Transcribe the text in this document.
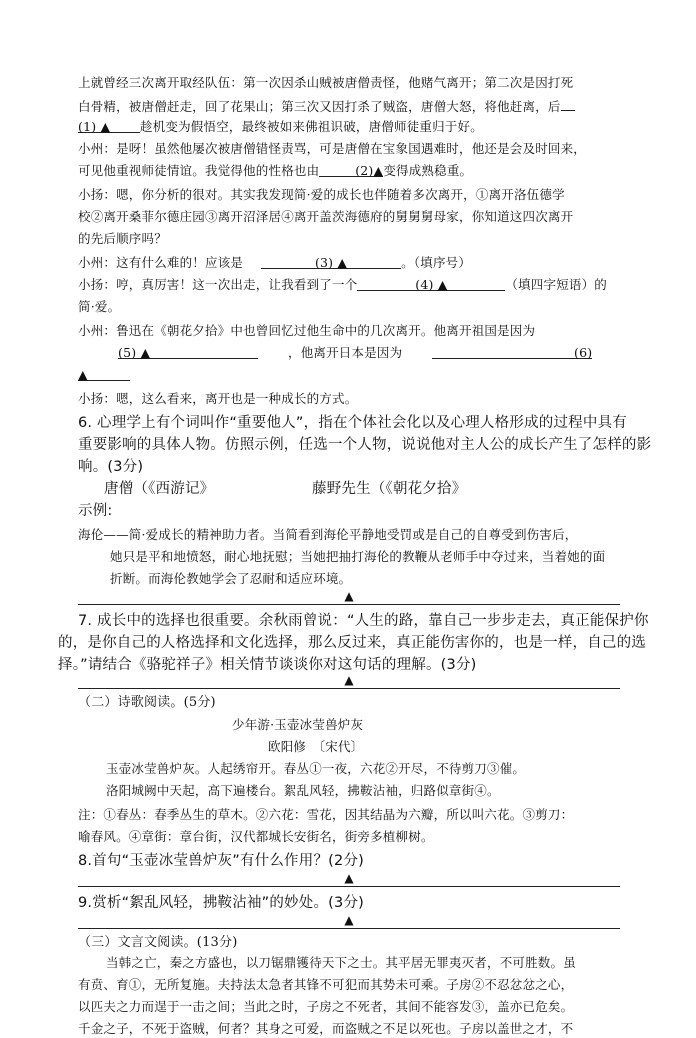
上就曾经三次离开取经队伍：第一次因杀山贼被唐僧责怪，他赌气离开；第二次是因打死
白骨精，被唐僧赶走，回了花果山；第三次又因打杀了贼盗，唐僧大怒，将他赶离，后
(1) ▲ 趁机变为假悟空，最终被如来佛祖识破，唐僧师徒重归于好。
小州：是呀！虽然他屡次被唐僧错怪责骂，可是唐僧在宝象国遇难时，他还是会及时回来，
可见他重视师徒情谊。我觉得他的性格也由	(2)▲变得成熟稳重。
小扬：嗯，你分析的很对。其实我发现简·爱的成长也伴随着多次离开，①离开洛伍德学
校②离开桑菲尔德庄园③离开沼泽居④离开盖茨海德府的舅舅舅母家，你知道这四次离开
的先后顺序吗？
小州：这有什么难的！应该是	(3) ▲	。（填序号）
小扬：哼，真厉害！这一次出走，让我看到了一个	(4) ▲	（填四字短语）的
简·爱。
小州：鲁迅在《朝花夕拾》中也曾回忆过他生命中的几次离开。他离开祖国是因为
(5) ▲	，他离开日本是因为	(6)
▲
小扬：嗯，这么看来，离开也是一种成长的方式。
6. 心理学上有个词叫作“重要他人”，指在个体社会化以及心理人格形成的过程中具有
重要影响的具体人物。仿照示例，任选一个人物，说说他对主人公的成长产生了怎样的影
响。(3分)
唐僧（《西游记》	藤野先生（《朝花夕拾》
示例:
海伦——简·爱成长的精神助力者。当简看到海伦平静地受罚或是自己的自尊受到伤害后，
她只是平和地愤怒，耐心地抚慰；当她把抽打海伦的教鞭从老师手中夺过来，当着她的面
折断。而海伦教她学会了忍耐和适应环境。
▲
7. 成长中的选择也很重要。余秋雨曾说：“人生的路，靠自己一步步走去，真正能保护你
的，是你自己的人格选择和文化选择，那么反过来，真正能伤害你的，也是一样，自己的选
择。”请结合《骆驼祥子》相关情节谈谈你对这句话的理解。(3分)
▲
（二）诗歌阅读。(5分)
少年游·玉壶冰莹兽炉灰
欧阳修　〔宋代〕
玉壶冰莹兽炉灰。人起绣帘开。春丛①一夜，六花②开尽，不待剪刀③催。
洛阳城阙中天起，高下遍楼台。絮乱风轻，拂鞍沾袖，归路似章街④。
注：①春丛：春季丛生的草木。②六花：雪花，因其结晶为六瓣，所以叫六花。③剪刀：
喻春风。④章街：章台街，汉代都城长安街名，街旁多植柳树。
8.首句“玉壶冰莹兽炉灰”有什么作用？(2分)
▲
9.赏析“絮乱风轻，拂鞍沾袖”的妙处。(3分)
▲
（三）文言文阅读。(13分)
当韩之亡，秦之方盛也，以刀锯鼎镬待天下之士。其平居无罪夷灭者，不可胜数。虽
有贲、育①，无所复施。夫持法太急者其锋不可犯而其势未可乘。子房②不忍忿忿之心，
以匹夫之力而逞于一击之间；当此之时，子房之不死者，其间不能容发③，盖亦已危矣。
千金之子，不死于盗贼，何者？其身之可爱，而盗贼之不足以死也。子房以盖世之才，不
